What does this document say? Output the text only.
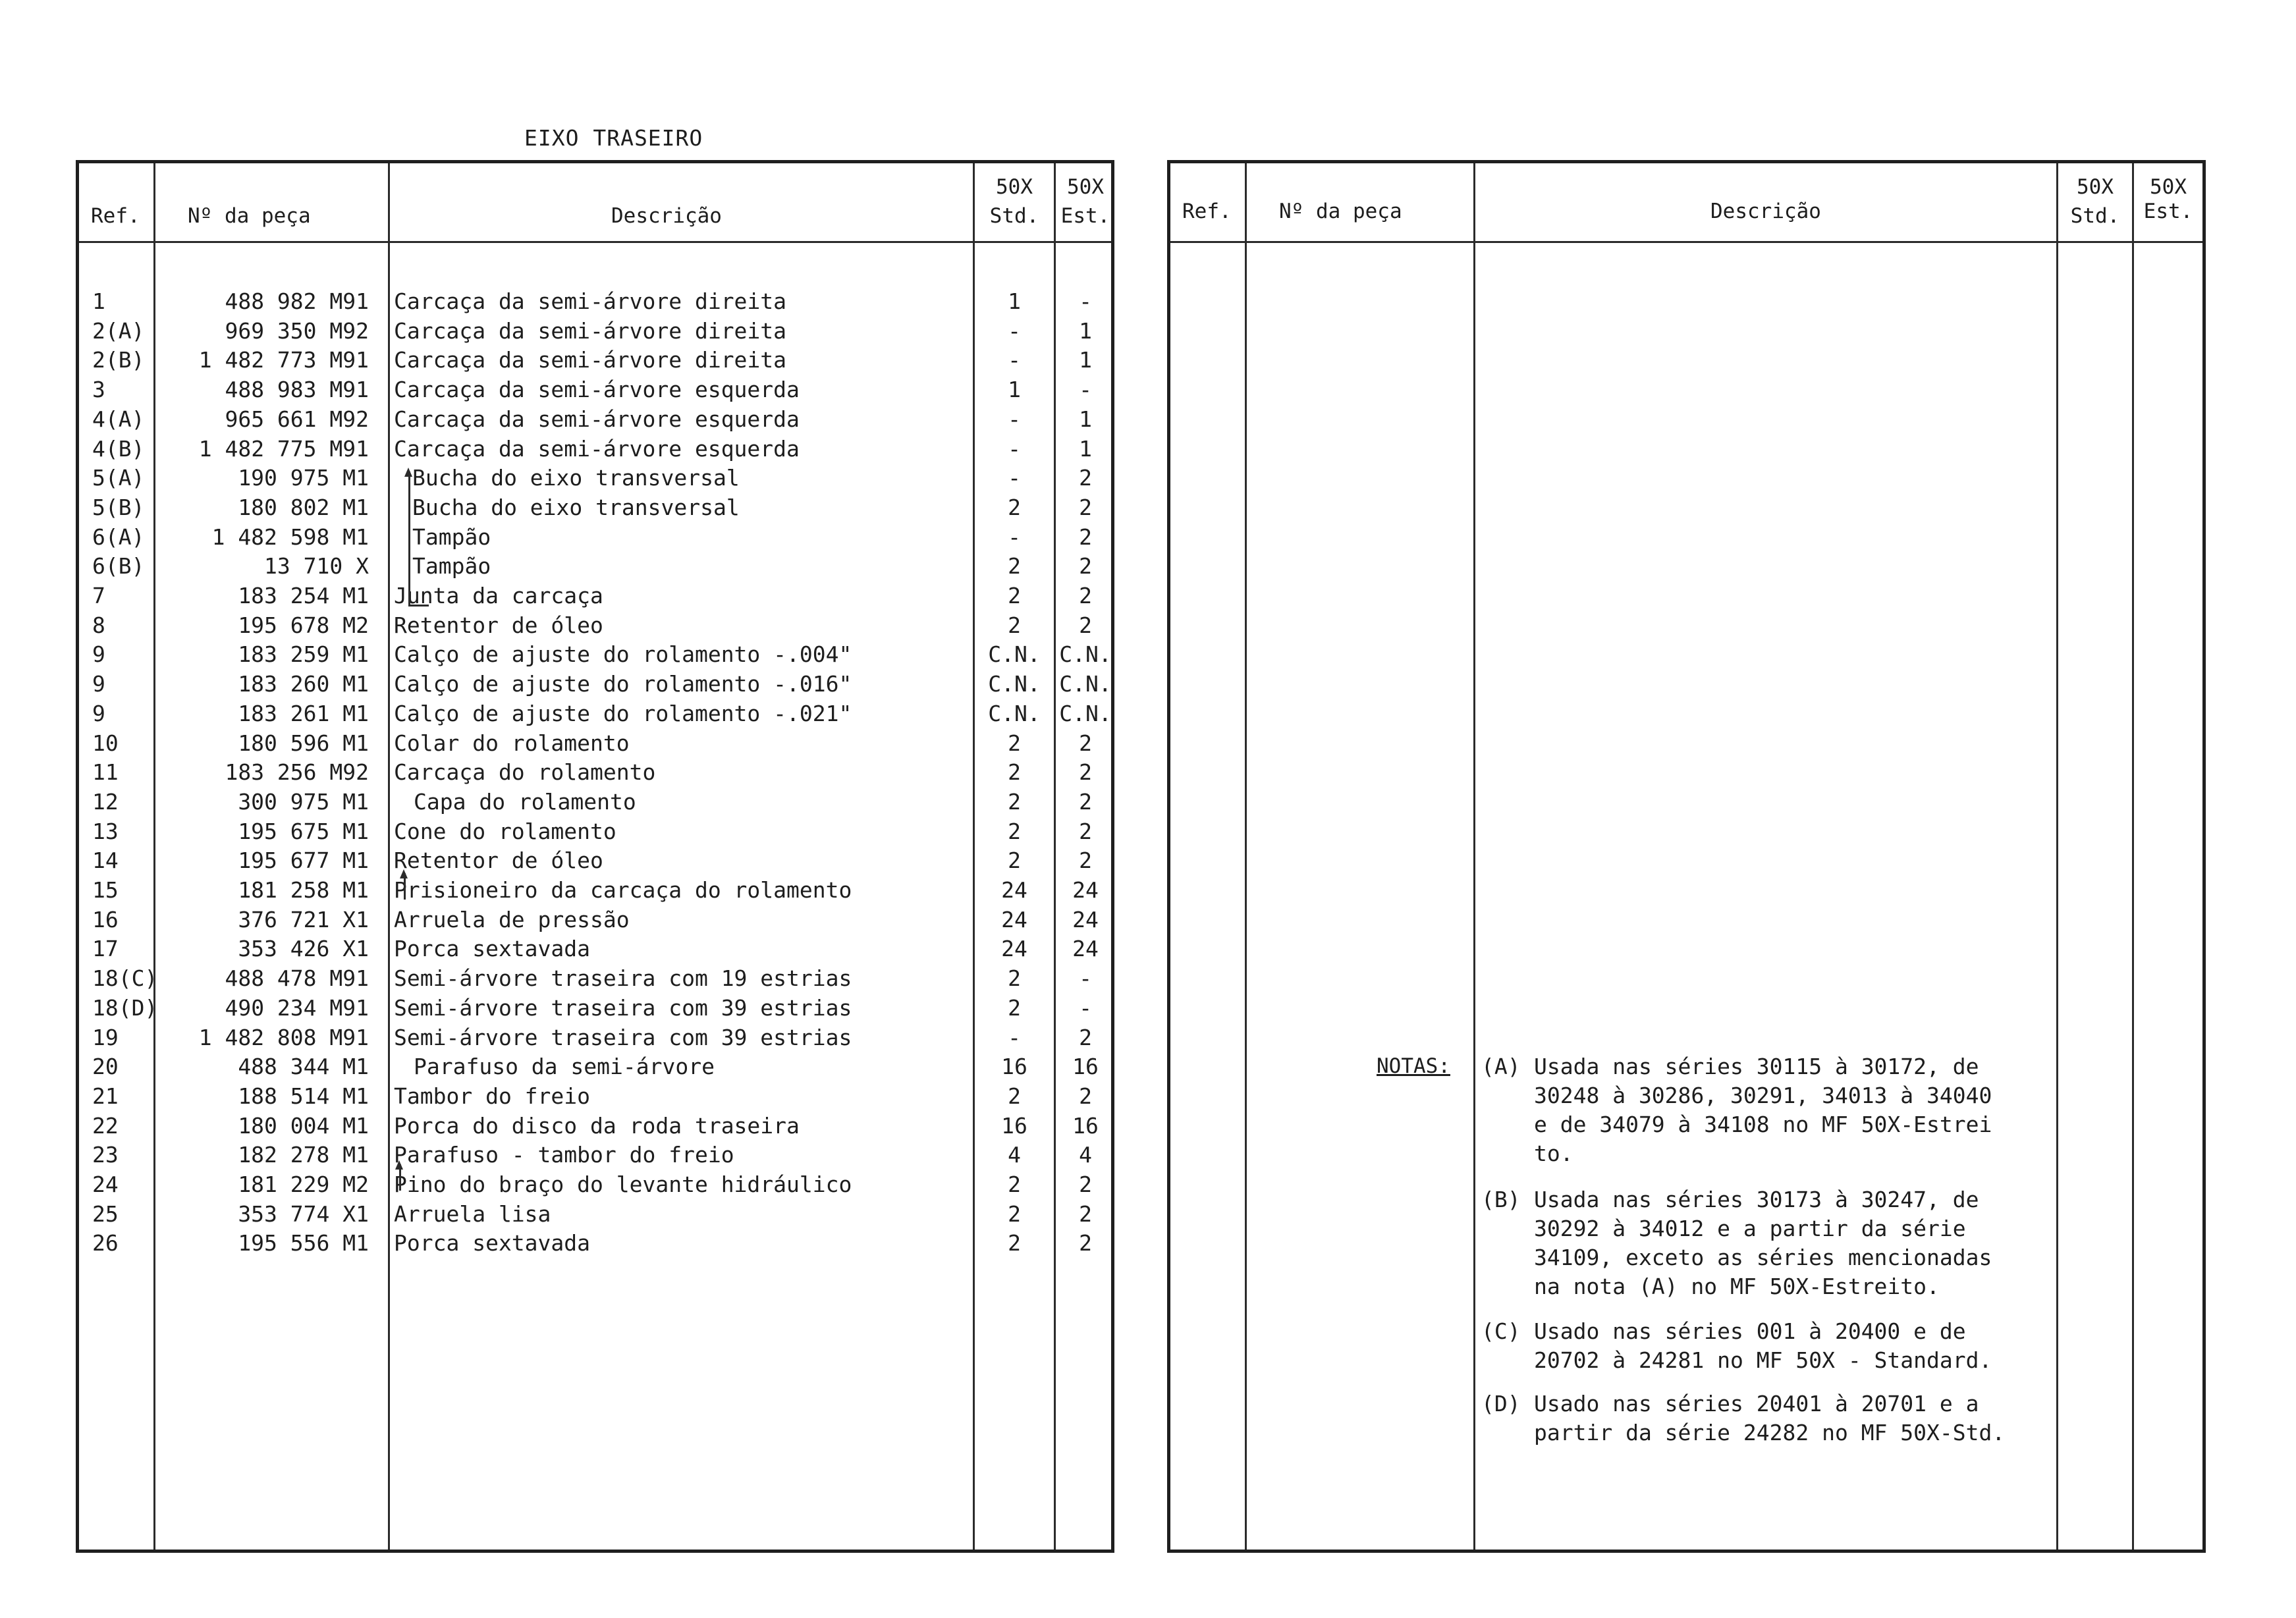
EIXO TRASEIRO
Ref. Nº da peça	Descrição
50X
Std.
50X
Est.
1	488 982 M91 Carcaça da semi-árvore direita	1	-
2(A)	969 350 M92 Carcaça da semi-árvore direita	-	1
2(B)	1 482 773 M91 Carcaça da semi-árvore direita	-	1
3	488 983 M91 Carcaça da semi-árvore esquerda	1	-
4(A)	965 661 M92 Carcaça da semi-árvore esquerda	-	1
4(B)	1 482 775 M91 Carcaça da semi-árvore esquerda	-	1
5(A)	190 975 M1 Bucha do eixo transversal	-	2
5(B)	180 802 M1 Bucha do eixo transversal	2	2
6(A)	1 482 598 M1 Tampão	-	2
6(B)	13 710 X Tampão	2	2
7	183 254 M1 Junta da carcaça	2	2
8	195 678 M2 Retentor de óleo	2	2
9	183 259 M1 Calço de ajuste do rolamento -.004"	C.N. C.N.
9	183 260 M1 Calço de ajuste do rolamento -.016"	C.N. C.N.
9	183 261 M1 Calço de ajuste do rolamento -.021"	C.N. C.N.
10	180 596 M1 Colar do rolamento	2	2
11	183 256 M92 Carcaça do rolamento	2	2
12	300 975 M1 Capa do rolamento	2	2
13	195 675 M1 Cone do rolamento	2	2
14	195 677 M1 Retentor de óleo	2	2
15	181 258 M1 Prisioneiro da carcaça do rolamento	24	24
16	376 721 X1 Arruela de pressão	24	24
17	353 426 X1 Porca sextavada	24	24
18(C)	488 478 M91 Semi-árvore traseira com 19 estrias	2	-
18(D)	490 234 M91 Semi-árvore traseira com 39 estrias	2	-
19	1 482 808 M91 Semi-árvore traseira com 39 estrias	-	2
20	488 344 M1 Parafuso da semi-árvore	16	16
21	188 514 M1 Tambor do freio	2	2
22	180 004 M1 Porca do disco da roda traseira	16	16
23	182 278 M1 Parafuso - tambor do freio	4	4
24	181 229 M2 Pino do braço do levante hidráulico	2	2
25	353 774 X1 Arruela lisa	2	2
26	195 556 M1 Porca sextavada	2	2
Ref. Nº da peça	Descrição
50X
Std.
50X
Est.
NOTAS: (A) Usada nas séries 30115 à 30172, de
30248 à 30286, 30291, 34013 à 34040
e de 34079 à 34108 no MF 50X-Estrei
to.
(B) Usada nas séries 30173 à 30247, de
30292 à 34012 e a partir da série
34109, exceto as séries mencionadas
na nota (A) no MF 50X-Estreito.
(C) Usado nas séries 001 à 20400 e de
20702 à 24281 no MF 50X - Standard.
(D) Usado nas séries 20401 à 20701 e a
partir da série 24282 no MF 50X-Std.
